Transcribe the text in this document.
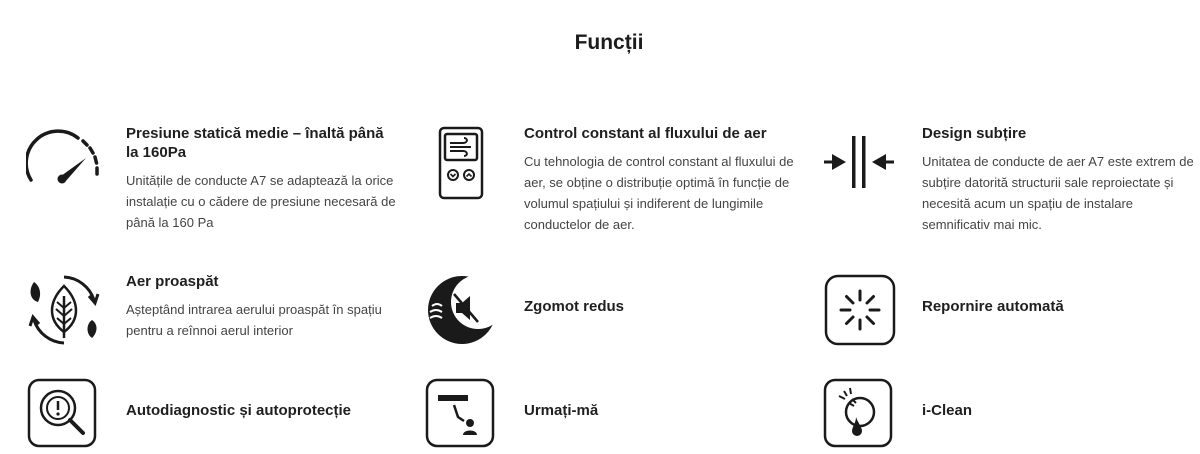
Funcții

Presiune statică medie – înaltă până la 160Pa

Unitățile de conducte A7 se adaptează la orice instalație cu o cădere de presiune necesară de până la 160 Pa

Control constant al fluxului de aer

Cu tehnologia de control constant al fluxului de aer, se obține o distribuție optimă în funcție de volumul spațiului și indiferent de lungimile conductelor de aer.

Design subțire

Unitatea de conducte de aer A7 este extrem de subțire datorită structurii sale reproiectate și necesită acum un spațiu de instalare semnificativ mai mic.

Aer proaspăt

Așteptând intrarea aerului proaspăt în spațiu pentru a reînnoi aerul interior

Zgomot redus	Repornire automată

Autodiagnostic și autoprotecție	Urmați-mă	i-Clean
